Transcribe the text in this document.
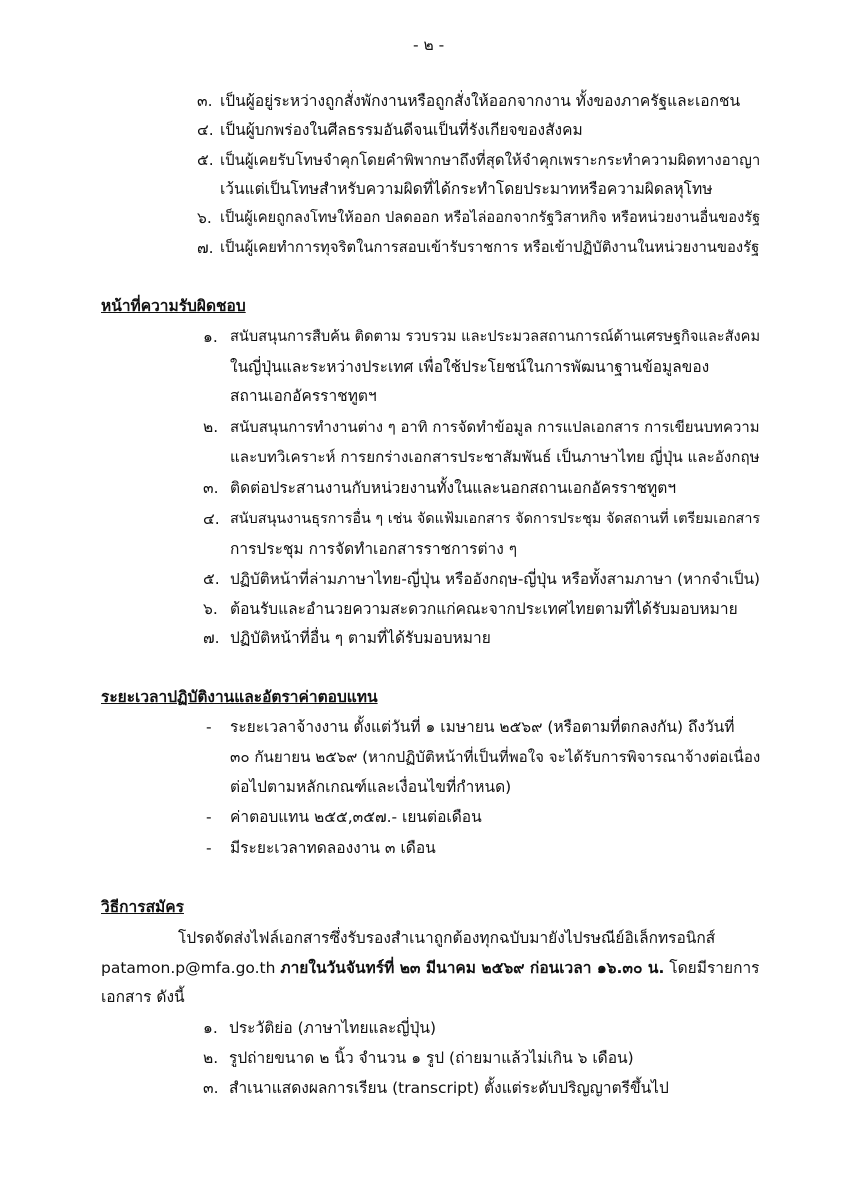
- ๒ -
๓. เป็นผู้อยู่ระหว่างถูกสั่งพักงานหรือถูกสั่งให้ออกจากงาน ทั้งของภาครัฐและเอกชน
๔. เป็นผู้บกพร่องในศีลธรรมอันดีจนเป็นที่รังเกียจของสังคม
๕. เป็นผู้เคยรับโทษจำคุกโดยคำพิพากษาถึงที่สุดให้จำคุกเพราะกระทำความผิดทางอาญา
เว้นแต่เป็นโทษสำหรับความผิดที่ได้กระทำโดยประมาทหรือความผิดลหุโทษ
๖. เป็นผู้เคยถูกลงโทษให้ออก ปลดออก หรือไล่ออกจากรัฐวิสาหกิจ หรือหน่วยงานอื่นของรัฐ
๗. เป็นผู้เคยทำการทุจริตในการสอบเข้ารับราชการ หรือเข้าปฏิบัติงานในหน่วยงานของรัฐ
หน้าที่ความรับผิดชอบ
๑. สนับสนุนการสืบค้น ติดตาม รวบรวม และประมวลสถานการณ์ด้านเศรษฐกิจและสังคม
ในญี่ปุ่นและระหว่างประเทศ เพื่อใช้ประโยชน์ในการพัฒนาฐานข้อมูลของ
สถานเอกอัครราชทูตฯ
๒. สนับสนุนการทำงานต่าง ๆ อาทิ การจัดทำข้อมูล การแปลเอกสาร การเขียนบทความ
และบทวิเคราะห์ การยกร่างเอกสารประชาสัมพันธ์ เป็นภาษาไทย ญี่ปุ่น และอังกฤษ
๓. ติดต่อประสานงานกับหน่วยงานทั้งในและนอกสถานเอกอัครราชทูตฯ
๔. สนับสนุนงานธุรการอื่น ๆ เช่น จัดแฟ้มเอกสาร จัดการประชุม จัดสถานที่ เตรียมเอกสาร
การประชุม การจัดทำเอกสารราชการต่าง ๆ
๕. ปฏิบัติหน้าที่ล่ามภาษาไทย-ญี่ปุ่น หรืออังกฤษ-ญี่ปุ่น หรือทั้งสามภาษา (หากจำเป็น)
๖. ต้อนรับและอำนวยความสะดวกแก่คณะจากประเทศไทยตามที่ได้รับมอบหมาย
๗. ปฏิบัติหน้าที่อื่น ๆ ตามที่ได้รับมอบหมาย
ระยะเวลาปฏิบัติงานและอัตราค่าตอบแทน
- ระยะเวลาจ้างงาน ตั้งแต่วันที่ ๑ เมษายน ๒๕๖๙ (หรือตามที่ตกลงกัน) ถึงวันที่
๓๐ กันยายน ๒๕๖๙ (หากปฏิบัติหน้าที่เป็นที่พอใจ จะได้รับการพิจารณาจ้างต่อเนื่อง
ต่อไปตามหลักเกณฑ์และเงื่อนไขที่กำหนด)
- ค่าตอบแทน ๒๕๕,๓๕๗.- เยนต่อเดือน
- มีระยะเวลาทดลองงาน ๓ เดือน
วิธีการสมัคร
โปรดจัดส่งไฟล์เอกสารซึ่งรับรองสำเนาถูกต้องทุกฉบับมายังไปรษณีย์อิเล็กทรอนิกส์
patamon.p@mfa.go.th ภายในวันจันทร์ที่ ๒๓ มีนาคม ๒๕๖๙ ก่อนเวลา ๑๖.๓๐ น. โดยมีรายการ
เอกสาร ดังนี้
๑. ประวัติย่อ (ภาษาไทยและญี่ปุ่น)
๒. รูปถ่ายขนาด ๒ นิ้ว จำนวน ๑ รูป (ถ่ายมาแล้วไม่เกิน ๖ เดือน)
๓. สำเนาแสดงผลการเรียน (transcript) ตั้งแต่ระดับปริญญาตรีขึ้นไป
